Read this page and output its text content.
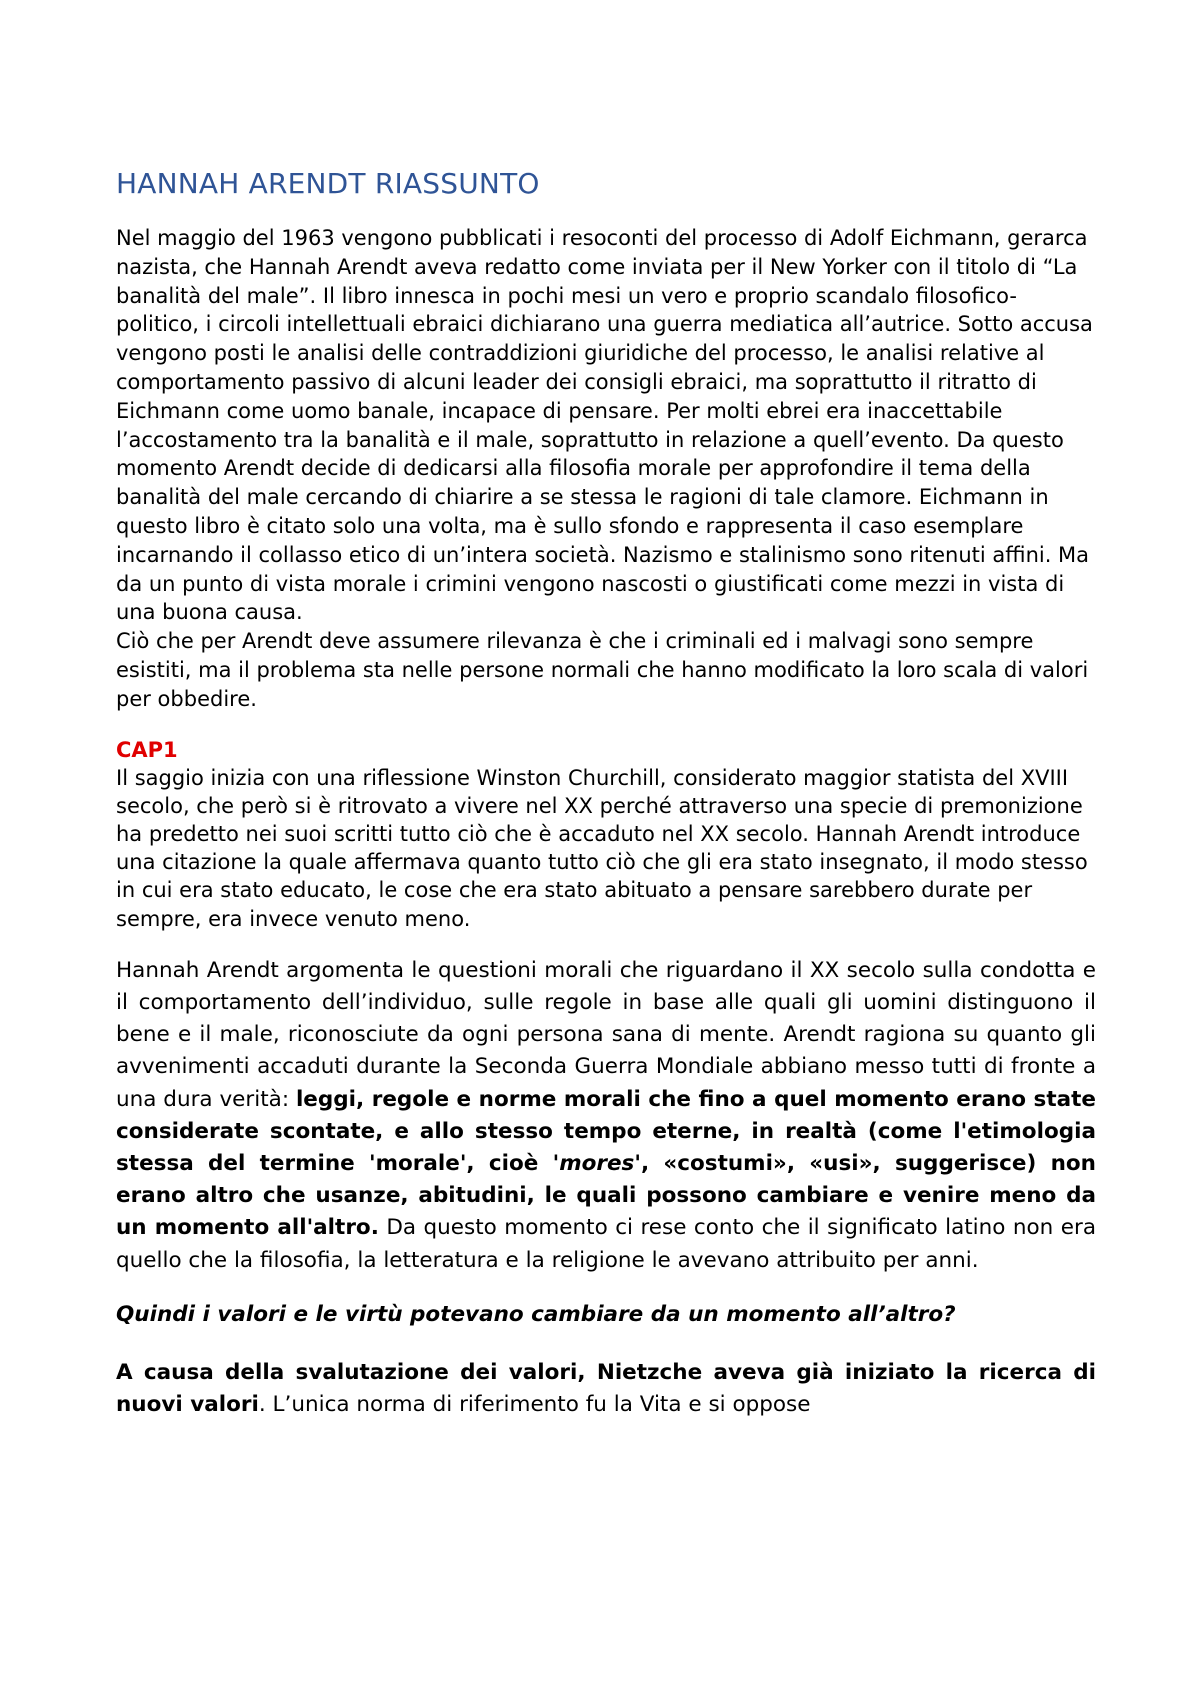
HANNAH ARENDT RIASSUNTO

Nel maggio del 1963 vengono pubblicati i resoconti del processo di Adolf Eichmann, gerarca nazista, che Hannah Arendt aveva redatto come inviata per il New Yorker con il titolo di “La banalità del male”. Il libro innesca in pochi mesi un vero e proprio scandalo filosofico-politico, i circoli intellettuali ebraici dichiarano una guerra mediatica all’autrice. Sotto accusa vengono posti le analisi delle contraddizioni giuridiche del processo, le analisi relative al comportamento passivo di alcuni leader dei consigli ebraici, ma soprattutto il ritratto di Eichmann come uomo banale, incapace di pensare. Per molti ebrei era inaccettabile l’accostamento tra la banalità e il male, soprattutto in relazione a quell’evento. Da questo momento Arendt decide di dedicarsi alla filosofia morale per approfondire il tema della banalità del male cercando di chiarire a se stessa le ragioni di tale clamore. Eichmann in questo libro è citato solo una volta, ma è sullo sfondo e rappresenta il caso esemplare incarnando il collasso etico di un’intera società. Nazismo e stalinismo sono ritenuti affini. Ma da un punto di vista morale i crimini vengono nascosti o giustificati come mezzi in vista di una buona causa.

Ciò che per Arendt deve assumere rilevanza è che i criminali ed i malvagi sono sempre esistiti, ma il problema sta nelle persone normali che hanno modificato la loro scala di valori per obbedire.

CAP1

Il saggio inizia con una riflessione Winston Churchill, considerato maggior statista del XVIII secolo, che però si è ritrovato a vivere nel XX perché attraverso una specie di premonizione ha predetto nei suoi scritti tutto ciò che è accaduto nel XX secolo. Hannah Arendt introduce una citazione la quale affermava quanto tutto ciò che gli era stato insegnato, il modo stesso in cui era stato educato, le cose che era stato abituato a pensare sarebbero durate per sempre, era invece venuto meno.

Hannah Arendt argomenta le questioni morali che riguardano il XX secolo sulla condotta e il comportamento dell’individuo, sulle regole in base alle quali gli uomini distinguono il bene e il male, riconosciute da ogni persona sana di mente. Arendt ragiona su quanto gli avvenimenti accaduti durante la Seconda Guerra Mondiale abbiano messo tutti di fronte a una dura verità: leggi, regole e norme morali che fino a quel momento erano state considerate scontate, e allo stesso tempo eterne, in realtà (come l'etimologia stessa del termine 'morale', cioè 'mores', «costumi», «usi», suggerisce) non erano altro che usanze, abitudini, le quali possono cambiare e venire meno da un momento all'altro. Da questo momento ci rese conto che il significato latino non era quello che la filosofia, la letteratura e la religione le avevano attribuito per anni.

Quindi i valori e le virtù potevano cambiare da un momento all’altro?

A causa della svalutazione dei valori, Nietzche aveva già iniziato la ricerca di nuovi valori. L’unica norma di riferimento fu la Vita e si oppose
